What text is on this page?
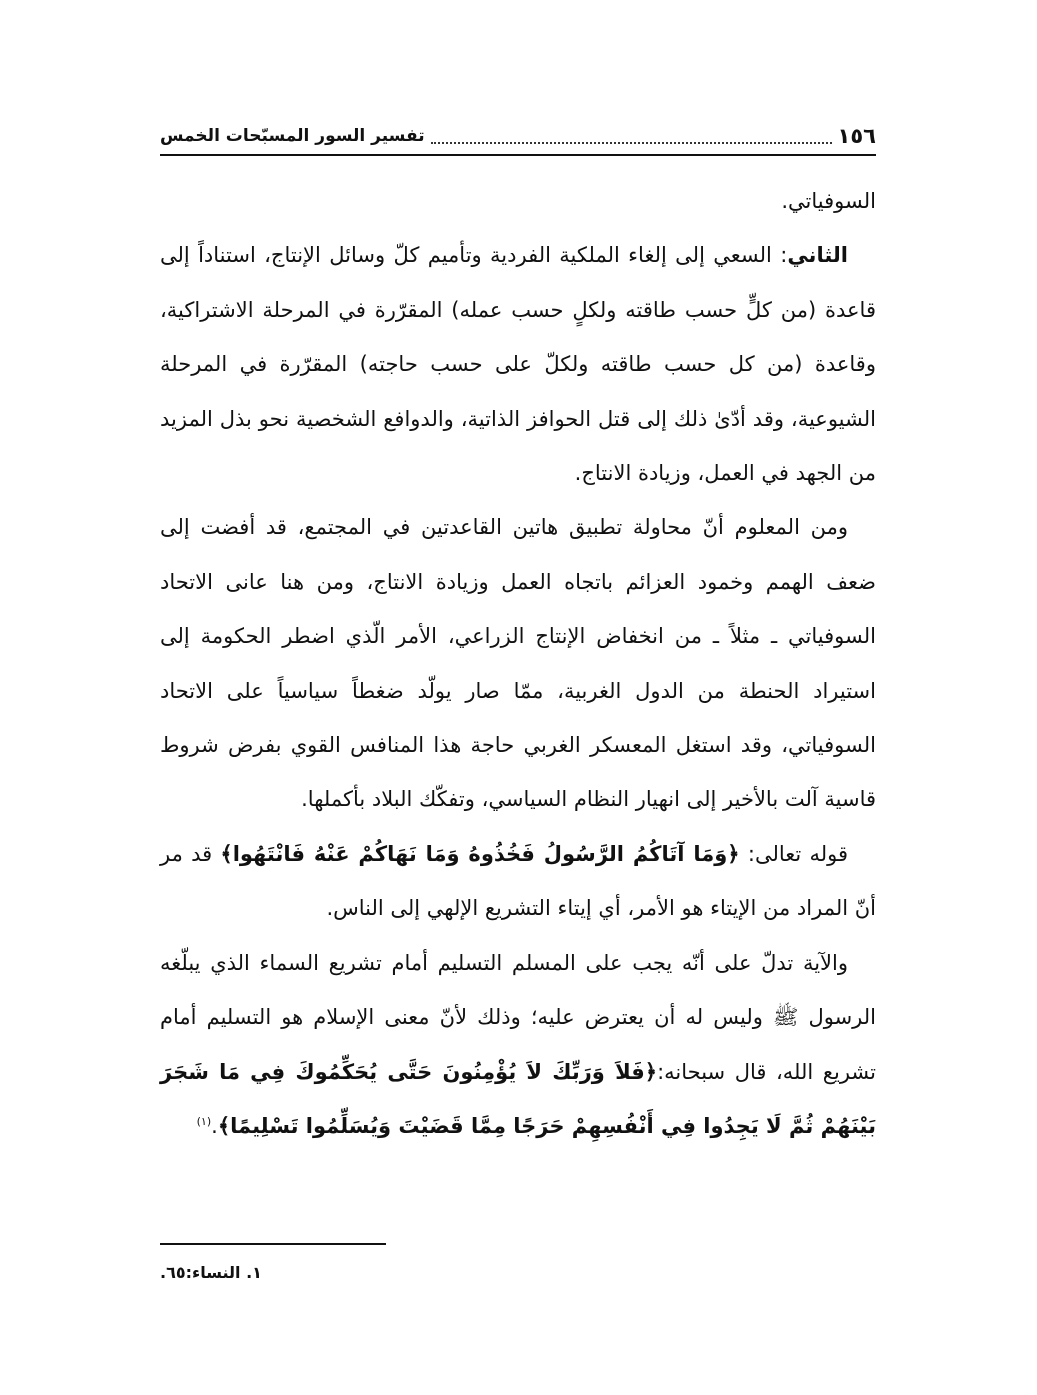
١٥٦
تفسير السور المسبّحات الخمس

السوفياتي.

الثاني: السعي إلى إلغاء الملكية الفردية وتأميم كلّ وسائل الإنتاج، استناداً إلى قاعدة (من كلٍّ حسب طاقته ولكلٍ حسب عمله) المقرّرة في المرحلة الاشتراكية، وقاعدة (من كل حسب طاقته ولكلّ على حسب حاجته) المقرّرة في المرحلة الشيوعية، وقد أدّىٰ ذلك إلى قتل الحوافز الذاتية، والدوافع الشخصية نحو بذل المزيد من الجهد في العمل، وزيادة الانتاج.

ومن المعلوم أنّ محاولة تطبيق هاتين القاعدتين في المجتمع، قد أفضت إلى ضعف الهمم وخمود العزائم باتجاه العمل وزيادة الانتاج، ومن هنا عانى الاتحاد السوفياتي ـ مثلاً ـ من انخفاض الإنتاج الزراعي، الأمر الّذي اضطر الحكومة إلى استيراد الحنطة من الدول الغربية، ممّا صار يولّد ضغطاً سياسياً على الاتحاد السوفياتي، وقد استغل المعسكر الغربي حاجة هذا المنافس القوي بفرض شروط قاسية آلت بالأخير إلى انهيار النظام السياسي، وتفكّك البلاد بأكملها.

قوله تعالى: ﴿وَمَا آتَاكُمُ الرَّسُولُ فَخُذُوهُ وَمَا نَهَاكُمْ عَنْهُ فَانْتَهُوا﴾ قد مر أنّ المراد من الإيتاء هو الأمر، أي إيتاء التشريع الإلهي إلى الناس.

والآية تدلّ على أنّه يجب على المسلم التسليم أمام تشريع السماء الذي يبلّغه الرسول ﷺ وليس له أن يعترض عليه؛ وذلك لأنّ معنى الإسلام هو التسليم أمام تشريع الله، قال سبحانه:﴿فَلاَ وَرَبِّكَ لاَ يُؤْمِنُونَ حَتَّى يُحَكِّمُوكَ فِي مَا شَجَرَ بَيْنَهُمْ ثُمَّ لَا يَجِدُوا فِي أَنْفُسِهِمْ حَرَجًا مِمَّا قَضَيْتَ وَيُسَلِّمُوا تَسْلِيمًا﴾.$^{(١)}$

١. النساء:٦٥.
